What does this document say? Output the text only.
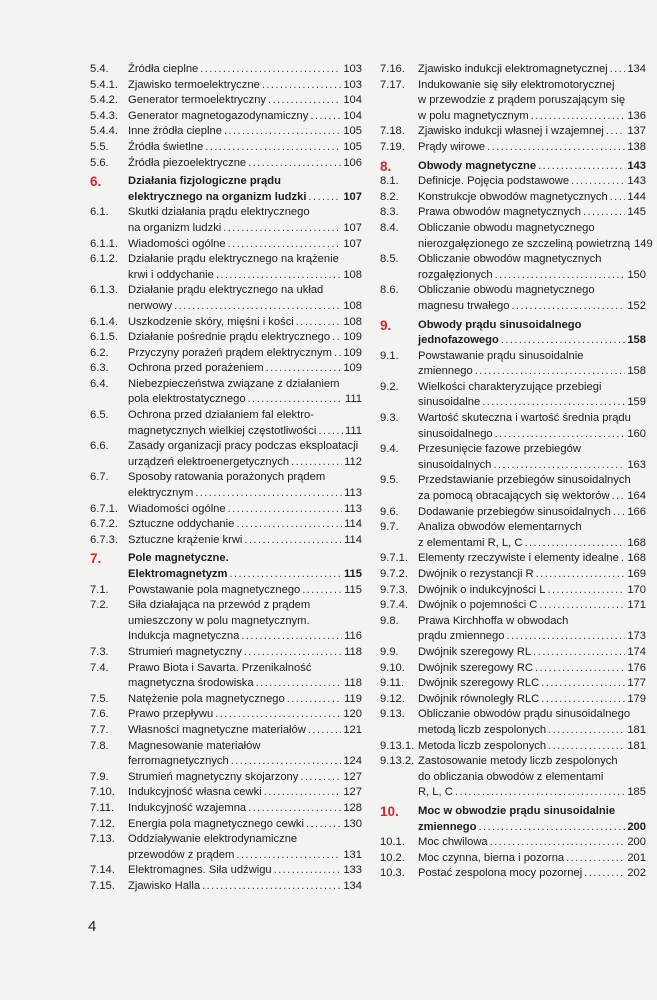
5.4.	Źródła cieplne .....	103
5.4.1. Zjawisko termoelektryczne .....	103
5.4.2. Generator termoelektryczny .....	104
5.4.3. Generator magnetogazodynamiczny .....	104
5.4.4. Inne źródła cieplne .....	105
5.5.	Źródła świetlne .....	105
5.6.	Źródła piezoelektryczne .....	106
6.	Działania fizjologiczne prądu
elektrycznego na organizm ludzki .....	107
6.1.	Skutki działania prądu elektrycznego
na organizm ludzki .....	107
6.1.1. Wiadomości ogólne .....	107
6.1.2. Działanie prądu elektrycznego na krążenie
krwi i oddychanie .....	108
6.1.3. Działanie prądu elektrycznego na układ
nerwowy .....	108
6.1.4. Uszkodzenie skóry, mięśni i kości .....	108
6.1.5. Działanie pośrednie prądu elektrycznego ..... 109
6.2.	Przyczyny porażeń prądem elektrycznym ..... 109
6.3.	Ochrona przed porażeniem .....	109
6.4.	Niebezpieczeństwa związane z działaniem
pola elektrostatycznego .....	111
6.5.	Ochrona przed działaniem fal elektro-
magnetycznych wielkiej częstotliwości .....	111
6.6.	Zasady organizacji pracy podczas eksploatacji
urządzeń elektroenergetycznych .....	112
6.7.	Sposoby ratowania porażonych prądem
elektrycznym .....	113
6.7.1. Wiadomości ogólne .....	113
6.7.2. Sztuczne oddychanie .....	114
6.7.3. Sztuczne krążenie krwi .....	114
7.	Pole magnetyczne.
Elektromagnetyzm .....	115
7.1.	Powstawanie pola magnetycznego .....	115
7.2.	Siła działająca na przewód z prądem
umieszczony w polu magnetycznym.
Indukcja magnetyczna .....	116
7.3.	Strumień magnetyczny .....	118
7.4.	Prawo Biota i Savarta. Przenikalność
magnetyczna środowiska .....	118
7.5.	Natężenie pola magnetycznego .....	119
7.6.	Prawo przepływu .....	120
7.7.	Własności magnetyczne materiałów .....	121
7.8.	Magnesowanie materiałów
ferromagnetycznych .....	124
7.9.	Strumień magnetyczny skojarzony .....	127
7.10.	Indukcyjność własna cewki .....	127
7.11.	Indukcyjność wzajemna .....	128
7.12.	Energia pola magnetycznego cewki .....	130
7.13.	Oddziaływanie elektrodynamiczne
przewodów z prądem .....	131
7.14.	Elektromagnes. Siła udźwigu .....	133
7.15.	Zjawisko Halla .....	134
7.16.	Zjawisko indukcji elektromagnetycznej ..... 134
7.17.	Indukowanie się siły elektromotorycznej
w przewodzie z prądem poruszającym się
w polu magnetycznym .....	136
7.18.	Zjawisko indukcji własnej i wzajemnej ..... 137
7.19.	Prądy wirowe .....	138
8.	Obwody magnetyczne .....	143
8.1.	Definicje. Pojęcia podstawowe .....	143
8.2.	Konstrukcje obwodów magnetycznych ..... 144
8.3.	Prawa obwodów magnetycznych .....	145
8.4.	Obliczanie obwodu magnetycznego
nierozgałęzionego ze szczeliną powietrzną 149
8.5.	Obliczanie obwodów magnetycznych
rozgałęzionych .....	150
8.6.	Obliczanie obwodu magnetycznego
magnesu trwałego .....	152
9.	Obwody prądu sinusoidalnego
jednofazowego .....	158
9.1.	Powstawanie prądu sinusoidalnie
zmiennego .....	158
9.2.	Wielkości charakteryzujące przebiegi
sinusoidalne .....	159
9.3.	Wartość skuteczna i wartość średnia prądu
sinusoidalnego .....	160
9.4.	Przesunięcie fazowe przebiegów
sinusoidalnych .....	163
9.5.	Przedstawianie przebiegów sinusoidalnych
za pomocą obracających się wektorów ..... 164
9.6.	Dodawanie przebiegów sinusoidalnych ..... 166
9.7.	Analiza obwodów elementarnych
z elementami R, L, C .....	168
9.7.1. Elementy rzeczywiste i elementy idealne ..... 168
9.7.2. Dwójnik o rezystancji R .....	169
9.7.3. Dwójnik o indukcyjności L .....	170
9.7.4. Dwójnik o pojemności C .....	171
9.8.	Prawa Kirchhoffa w obwodach
prądu zmiennego .....	173
9.9.	Dwójnik szeregowy RL .....	174
9.10.	Dwójnik szeregowy RC .....	176
9.11.	Dwójnik szeregowy RLC .....	177
9.12.	Dwójnik równoległy RLC .....	179
9.13.	Obliczanie obwodów prądu sinusoidalnego
metodą liczb zespolonych .....	181
9.13.1. Metoda liczb zespolonych .....	181
9.13.2. Zastosowanie metody liczb zespolonych
do obliczania obwodów z elementami
R, L, C .....	185
10.	Moc w obwodzie prądu sinusoidalnie
zmiennego .....	200
10.1.	Moc chwilowa .....	200
10.2.	Moc czynna, bierna i pozorna .....	201
10.3.	Postać zespolona mocy pozornej .....	202
4
